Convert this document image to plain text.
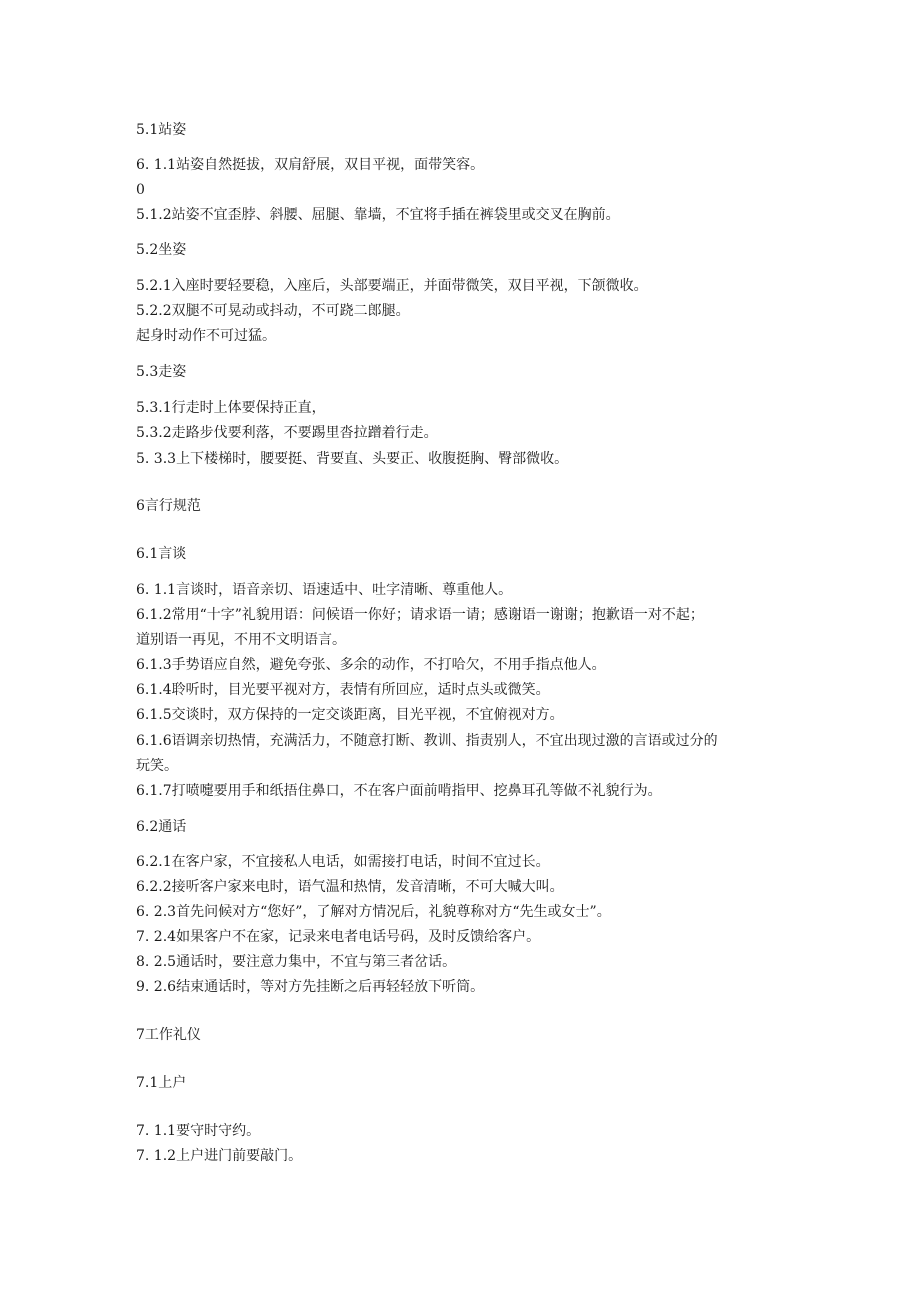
5.1站姿

6. 1.1站姿自然挺拔，双肩舒展，双目平视，面带笑容。

0

5.1.2站姿不宜歪脖、斜腰、屈腿、靠墙，不宜将手插在裤袋里或交叉在胸前。

5.2坐姿

5.2.1入座时要轻要稳，入座后，头部要端正，并面带微笑，双目平视，下颌微收。

5.2.2双腿不可晃动或抖动，不可跷二郎腿。

起身时动作不可过猛。

5.3走姿

5.3.1行走时上体要保持正直，

5.3.2走路步伐要利落，不要踢里沓拉蹭着行走。

5. 3.3上下楼梯时，腰要挺、背要直、头要正、收腹挺胸、臀部微收。

6言行规范

6.1言谈

6. 1.1言谈时，语音亲切、语速适中、吐字清晰、尊重他人。

6.1.2常用“十字”礼貌用语：问候语一你好；请求语一请；感谢语一谢谢；抱歉语一对不起；

道别语一再见，不用不文明语言。

6.1.3手势语应自然，避免夸张、多余的动作，不打哈欠，不用手指点他人。

6.1.4聆听时，目光要平视对方，表情有所回应，适时点头或微笑。

6.1.5交谈时，双方保持的一定交谈距离，目光平视，不宜俯视对方。

6.1.6语调亲切热情，充满活力，不随意打断、教训、指责别人，不宜出现过激的言语或过分的

玩笑。

6.1.7打喷嚏要用手和纸捂住鼻口，不在客户面前啃指甲、挖鼻耳孔等做不礼貌行为。

6.2通话

6.2.1在客户家，不宜接私人电话，如需接打电话，时间不宜过长。

6.2.2接听客户家来电时，语气温和热情，发音清晰，不可大喊大叫。

6. 2.3首先问候对方“您好”，了解对方情况后，礼貌尊称对方“先生或女士”。

7. 2.4如果客户不在家，记录来电者电话号码，及时反馈给客户。

8. 2.5通话时，要注意力集中，不宜与第三者岔话。

9. 2.6结束通话时，等对方先挂断之后再轻轻放下听筒。

7工作礼仪

7.1上户

7. 1.1要守时守约。

7. 1.2上户进门前要敲门。
